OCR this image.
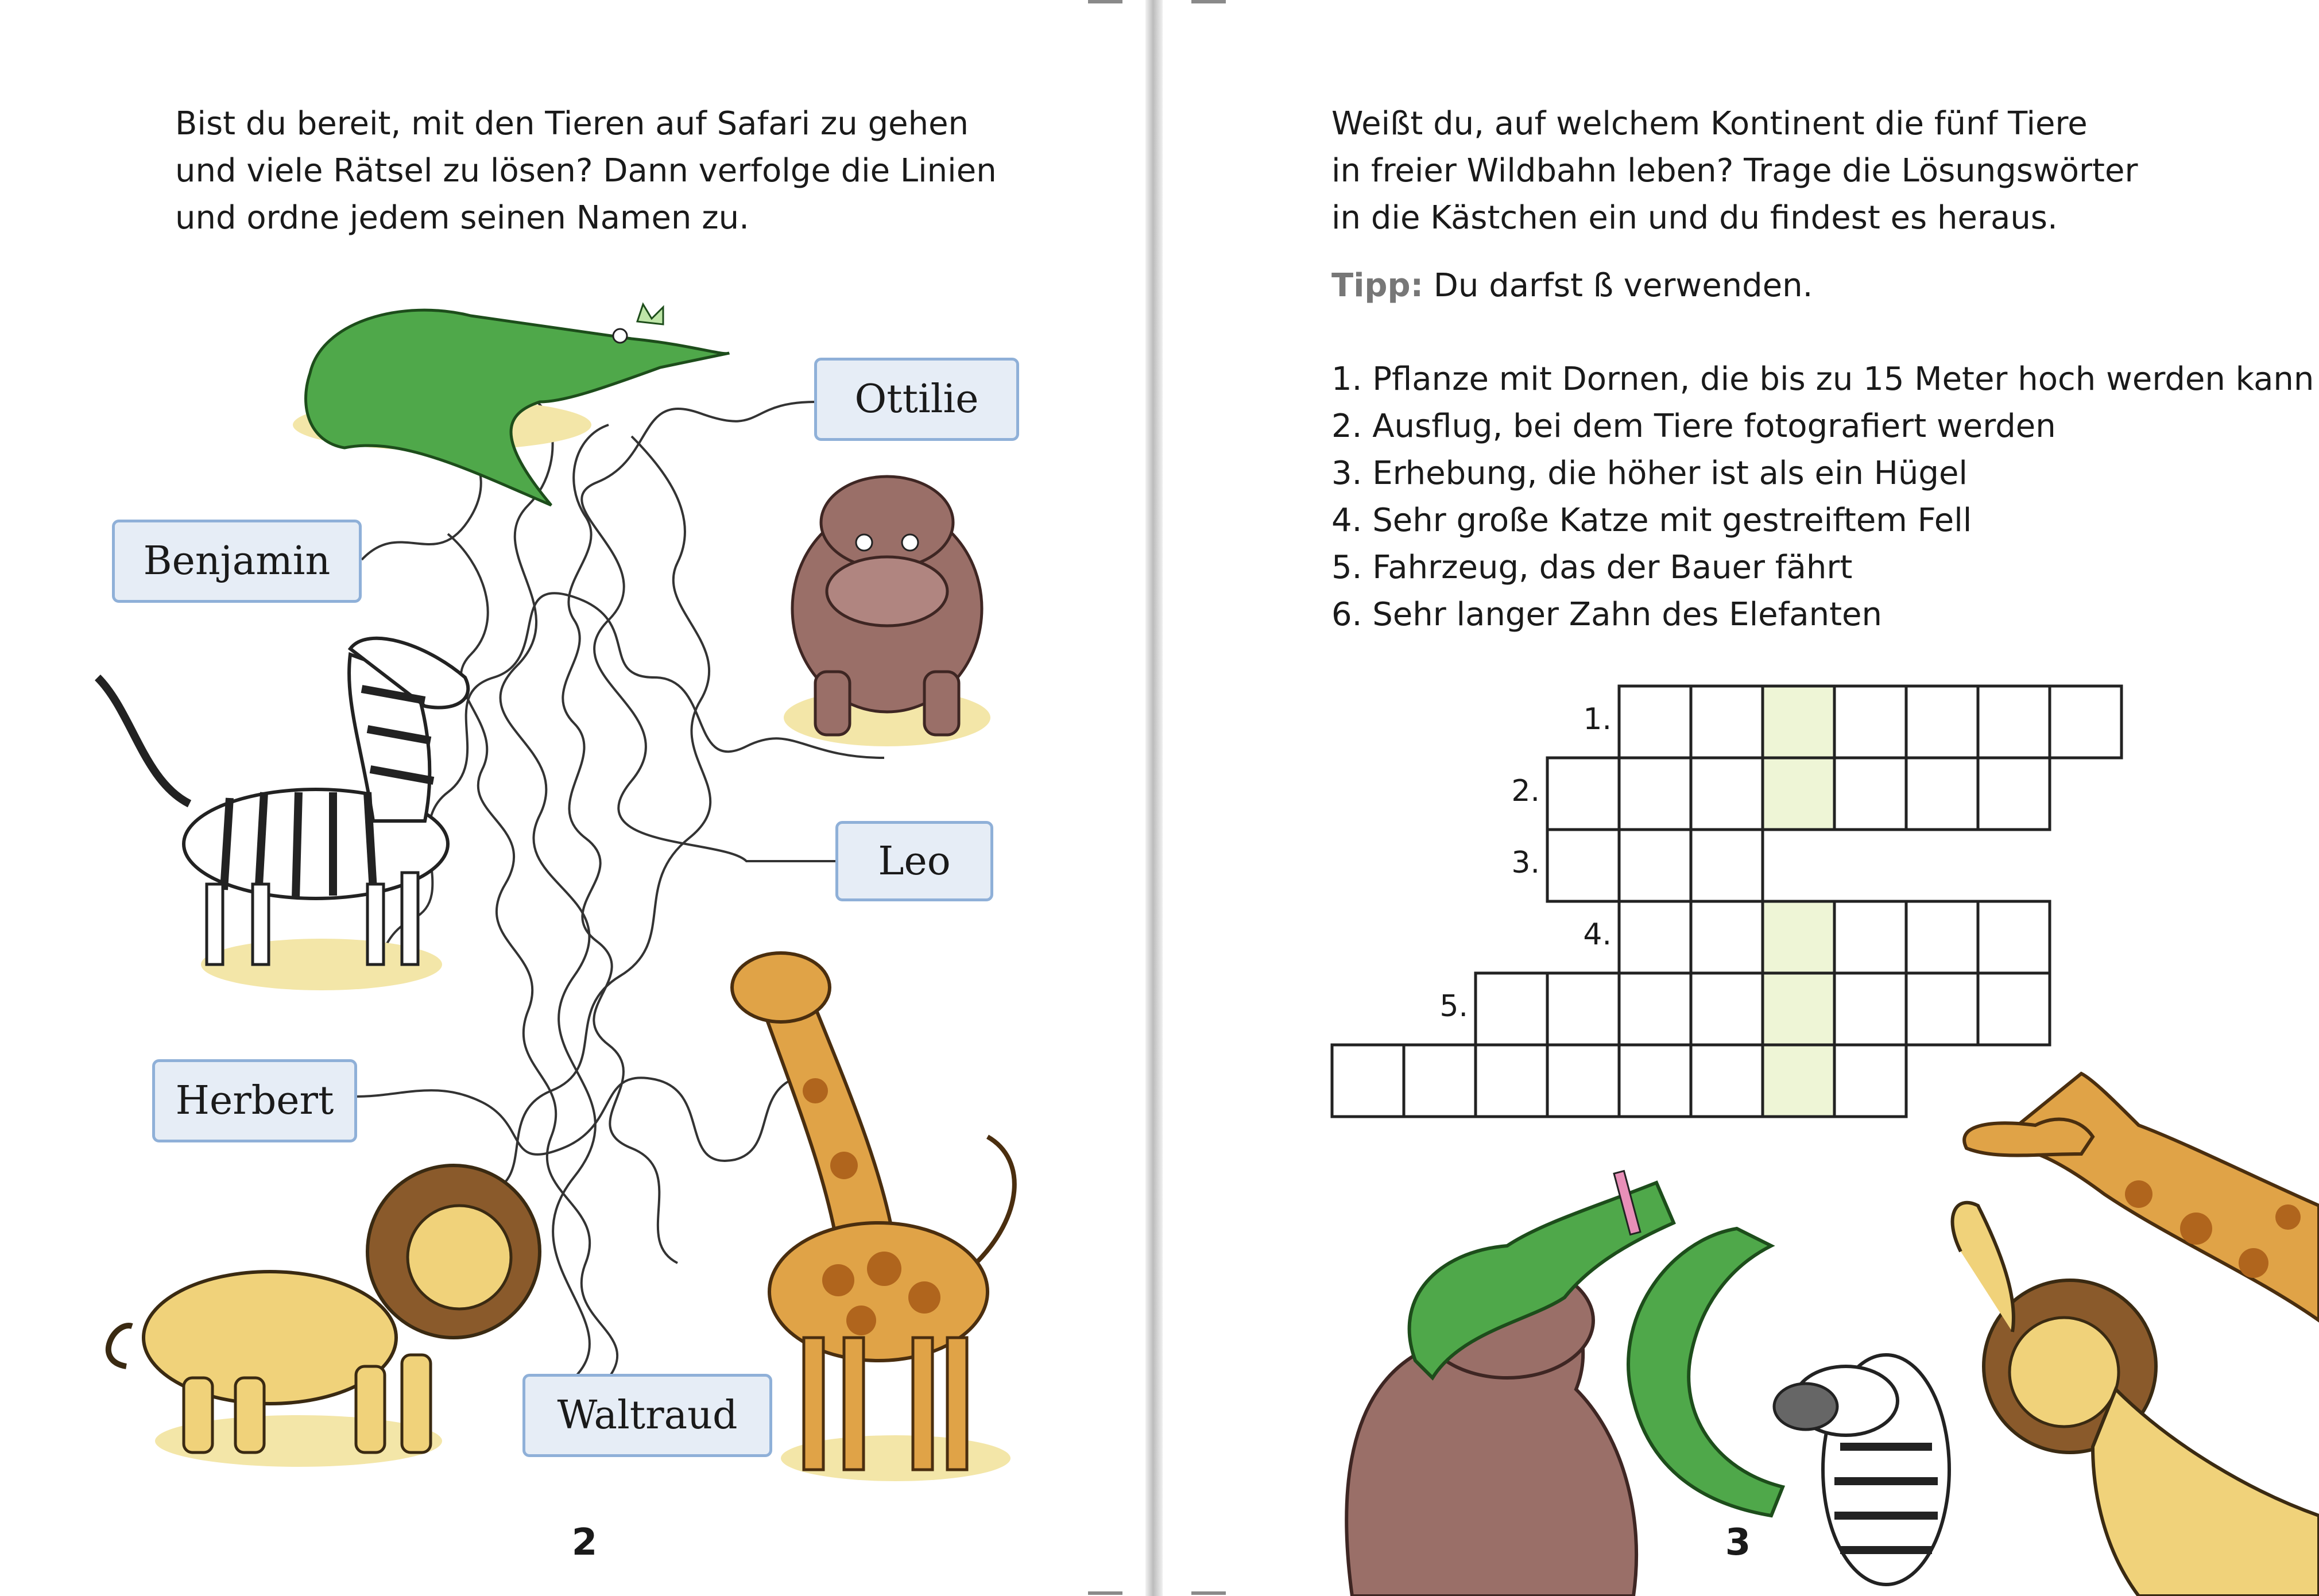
Bist du bereit, mit den Tieren auf Safari zu gehen
und viele Rätsel zu lösen? Dann verfolge die Linien
und ordne jedem seinen Namen zu.
Ottilie
Benjamin
Leo
Herbert
Waltraud
2
Weißt du, auf welchem Kontinent die fünf Tiere
in freier Wildbahn leben? Trage die Lösungswörter
in die Kästchen ein und du findest es heraus.
Tipp: Du darfst ß verwenden.
1. Pflanze mit Dornen, die bis zu 15 Meter hoch werden kann
2. Ausflug, bei dem Tiere fotografiert werden
3. Erhebung, die höher ist als ein Hügel
4. Sehr große Katze mit gestreiftem Fell
5. Fahrzeug, das der Bauer fährt
6. Sehr langer Zahn des Elefanten
1.
2.
3.
4.
5.
3
